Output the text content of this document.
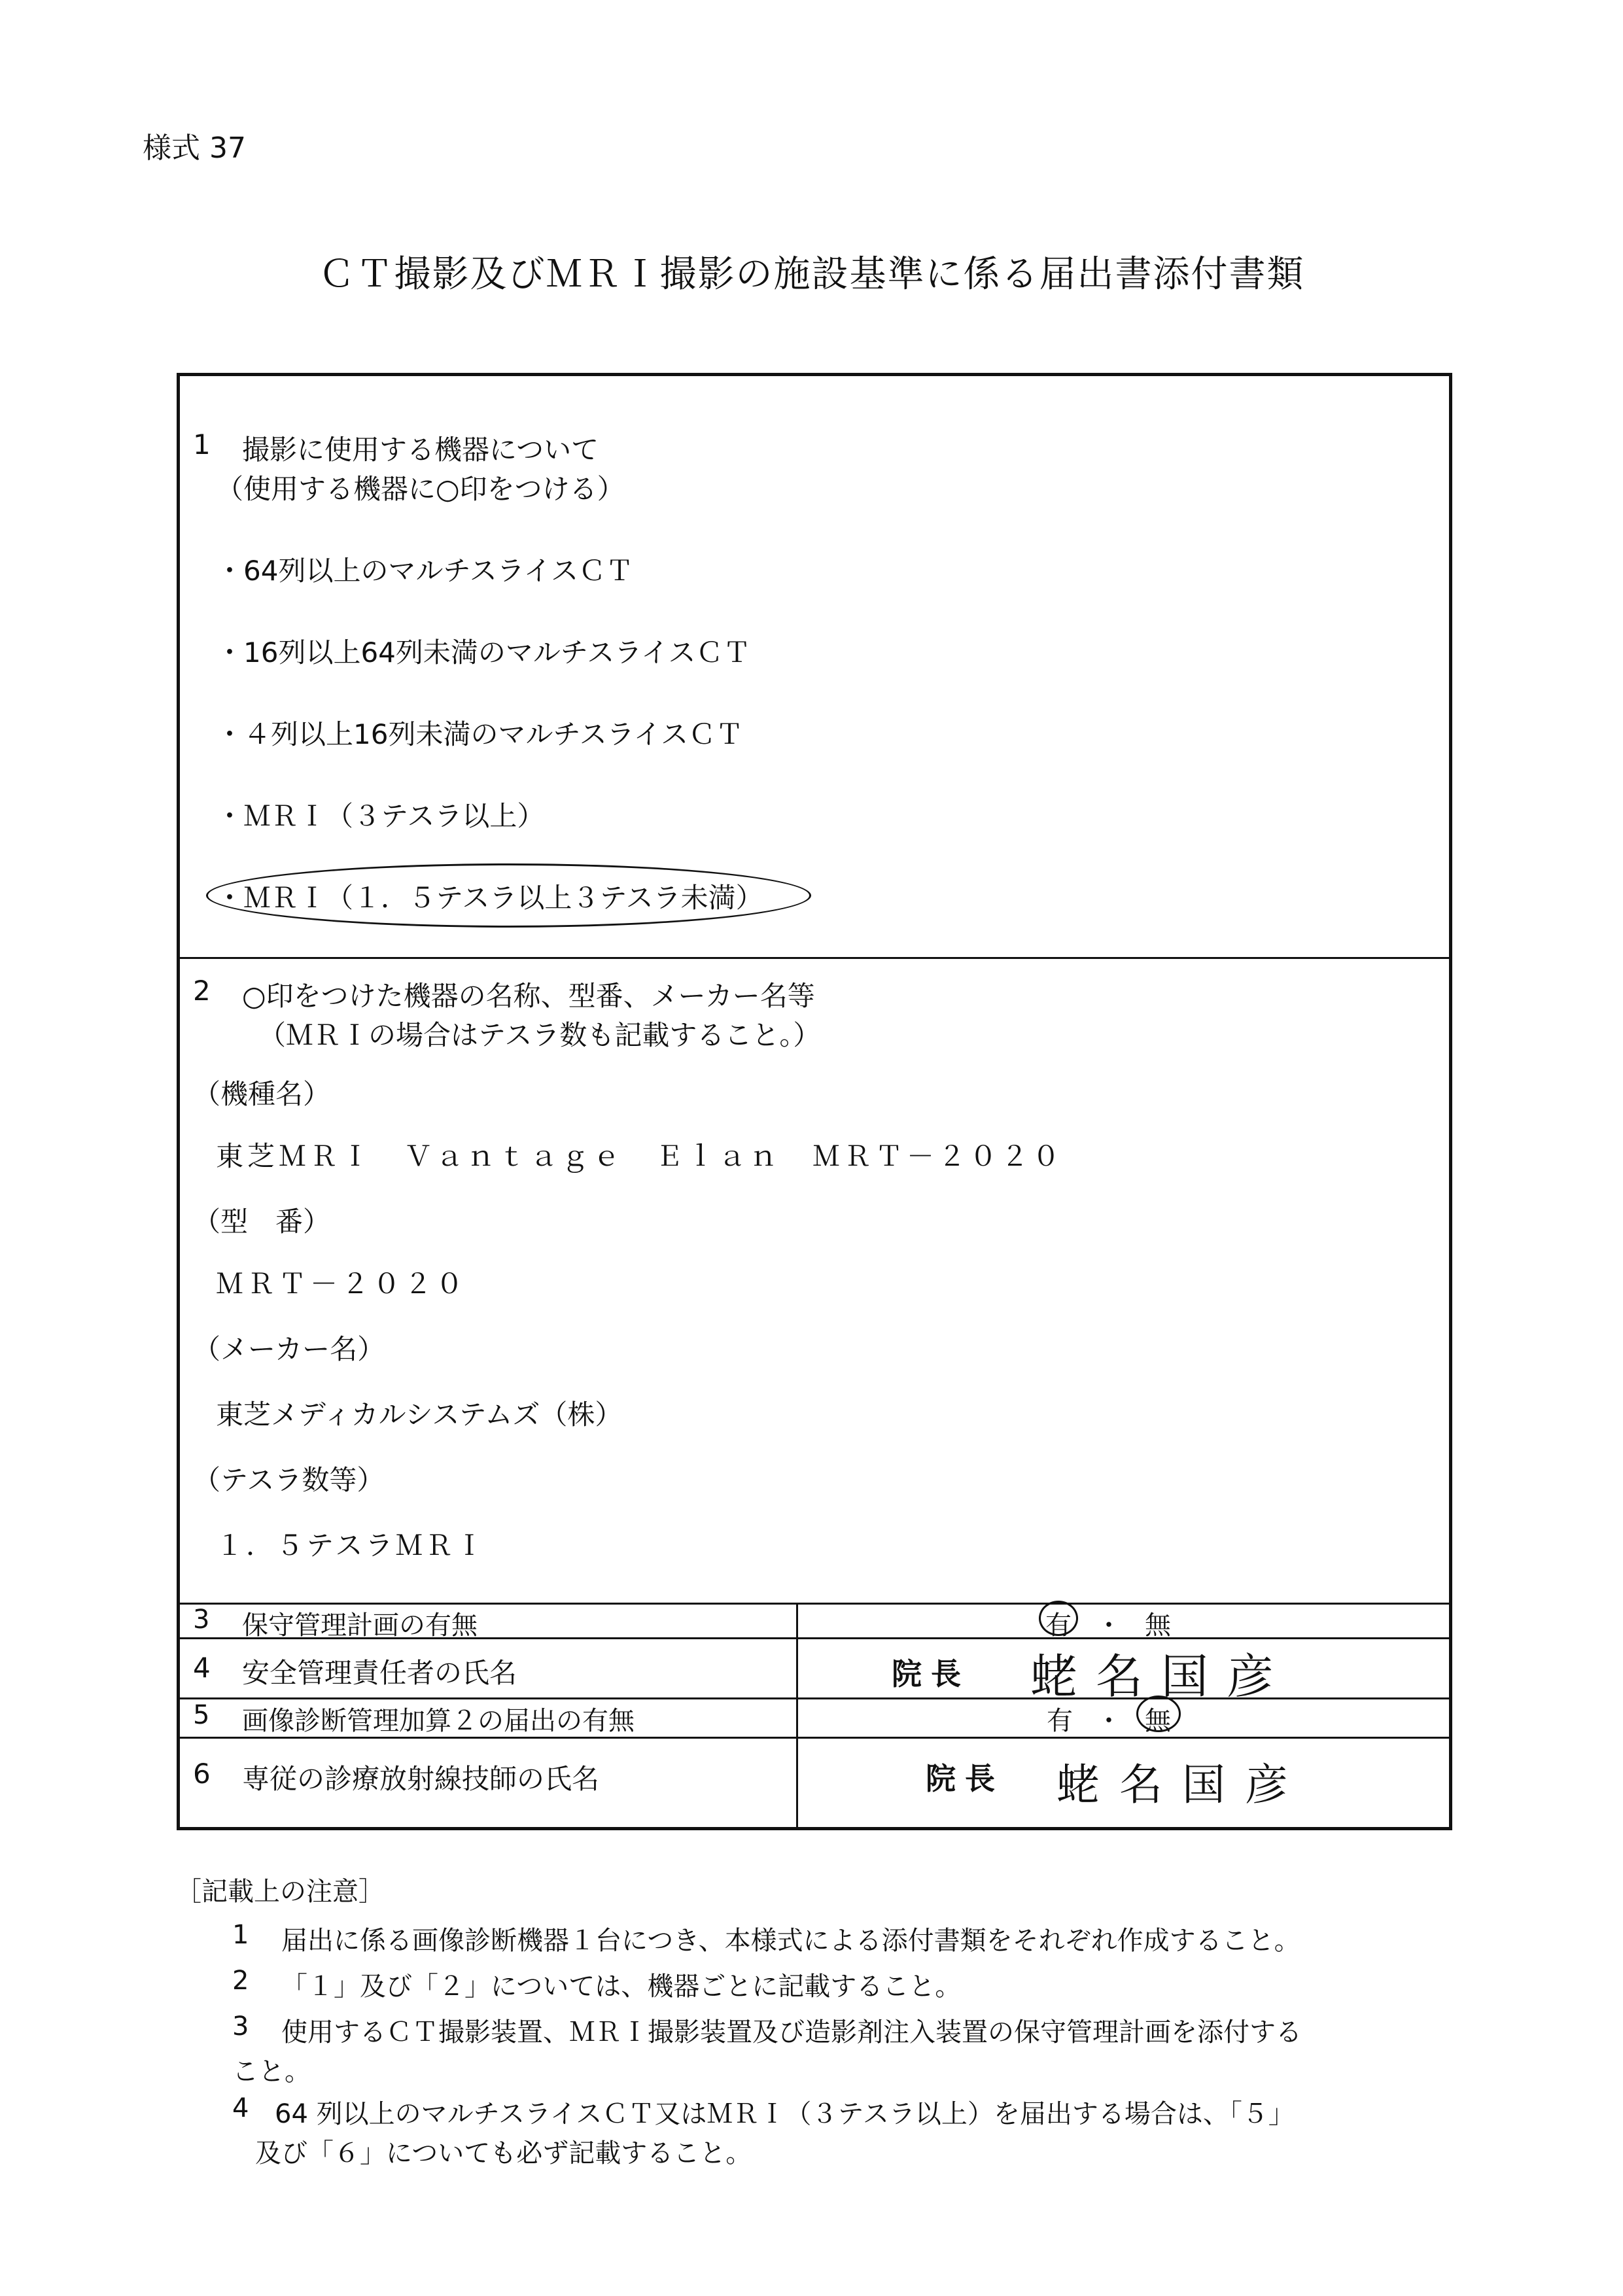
様式 37
ＣＴ撮影及びＭＲＩ撮影の施設基準に係る届出書添付書類
1 撮影に使用する機器について
（使用する機器に○印をつける）
・64列以上のマルチスライスＣＴ
・16列以上64列未満のマルチスライスＣＴ
・４列以上16列未満のマルチスライスＣＴ
・ＭＲＩ（３テスラ以上）
・ＭＲＩ（１．５テスラ以上３テスラ未満）
2 ○印をつけた機器の名称、型番、メーカー名等
（ＭＲＩの場合はテスラ数も記載すること。）
（機種名）
東芝ＭＲＩ　Ｖａｎｔａｇｅ　Ｅｌａｎ　ＭＲＴ－２０２０
（型　番）
ＭＲＴ－２０２０
（メーカー名）
東芝メディカルシステムズ（株）
（テスラ数等）
１．５テスラＭＲＩ
3 保守管理計画の有無	有 ・ 無
4 安全管理責任者の氏名	院長 蛯名国彦
5 画像診断管理加算２の届出の有無	有 ・ 無
6 専従の診療放射線技師の氏名	院長 蛯名国彦
［記載上の注意］
1 届出に係る画像診断機器１台につき、本様式による添付書類をそれぞれ作成すること。
2 「１」及び「２」については、機器ごとに記載すること。
3 使用するＣＴ撮影装置、ＭＲＩ撮影装置及び造影剤注入装置の保守管理計画を添付する
こと。
4 64 列以上のマルチスライスＣＴ又はＭＲＩ（３テスラ以上）を届出する場合は、「５」
及び「６」についても必ず記載すること。
